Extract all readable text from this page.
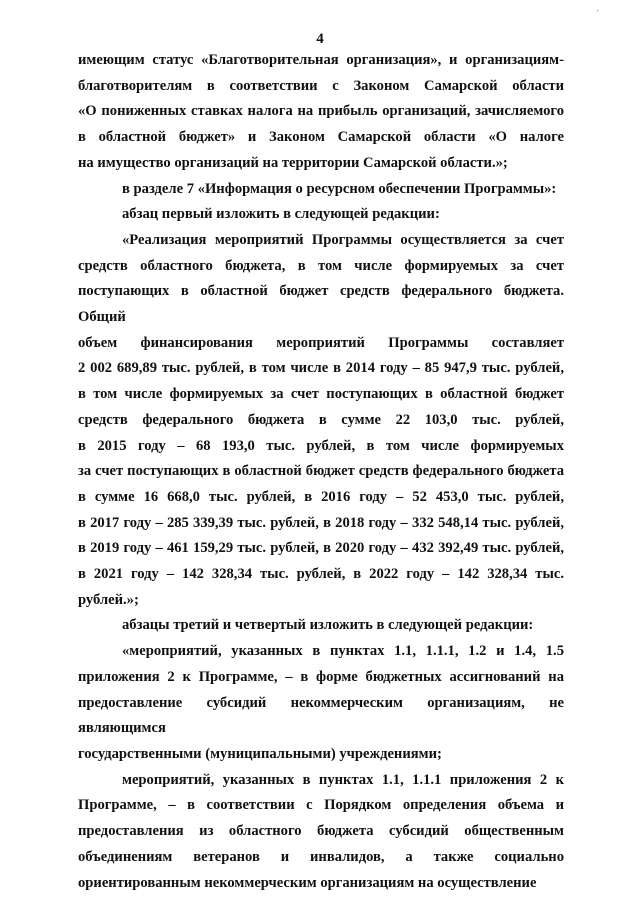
´
4
имеющим статус «Благотворительная организация», и организациям-
благотворителям в соответствии с Законом Самарской области
«О пониженных ставках налога на прибыль организаций, зачисляемого
в областной бюджет» и Законом Самарской области «О налоге
на имущество организаций на территории Самарской области.»;
в разделе 7 «Информация о ресурсном обеспечении Программы»:
абзац первый изложить в следующей редакции:
«Реализация мероприятий Программы осуществляется за счет
средств областного бюджета, в том числе формируемых за счет
поступающих в областной бюджет средств федерального бюджета. Общий
объем финансирования мероприятий Программы составляет
2 002 689,89 тыс. рублей, в том числе в 2014 году – 85 947,9 тыс. рублей,
в том числе формируемых за счет поступающих в областной бюджет
средств федерального бюджета в сумме 22 103,0 тыс. рублей,
в 2015 году – 68 193,0 тыс. рублей, в том числе формируемых
за счет поступающих в областной бюджет средств федерального бюджета
в сумме 16 668,0 тыс. рублей, в 2016 году – 52 453,0 тыс. рублей,
в 2017 году – 285 339,39 тыс. рублей, в 2018 году – 332 548,14 тыс. рублей,
в 2019 году – 461 159,29 тыс. рублей, в 2020 году – 432 392,49 тыс. рублей,
в 2021 году – 142 328,34 тыс. рублей, в 2022 году – 142 328,34 тыс.
рублей.»;
абзацы третий и четвертый изложить в следующей редакции:
«мероприятий, указанных в пунктах 1.1, 1.1.1, 1.2 и 1.4, 1.5
приложения 2 к Программе, – в форме бюджетных ассигнований на
предоставление субсидий некоммерческим организациям, не являющимся
государственными (муниципальными) учреждениями;
мероприятий, указанных в пунктах 1.1, 1.1.1 приложения 2 к
Программе, – в соответствии с Порядком определения объема и
предоставления из областного бюджета субсидий общественным
объединениям ветеранов и инвалидов, а также социально
ориентированным некоммерческим организациям на осуществление
